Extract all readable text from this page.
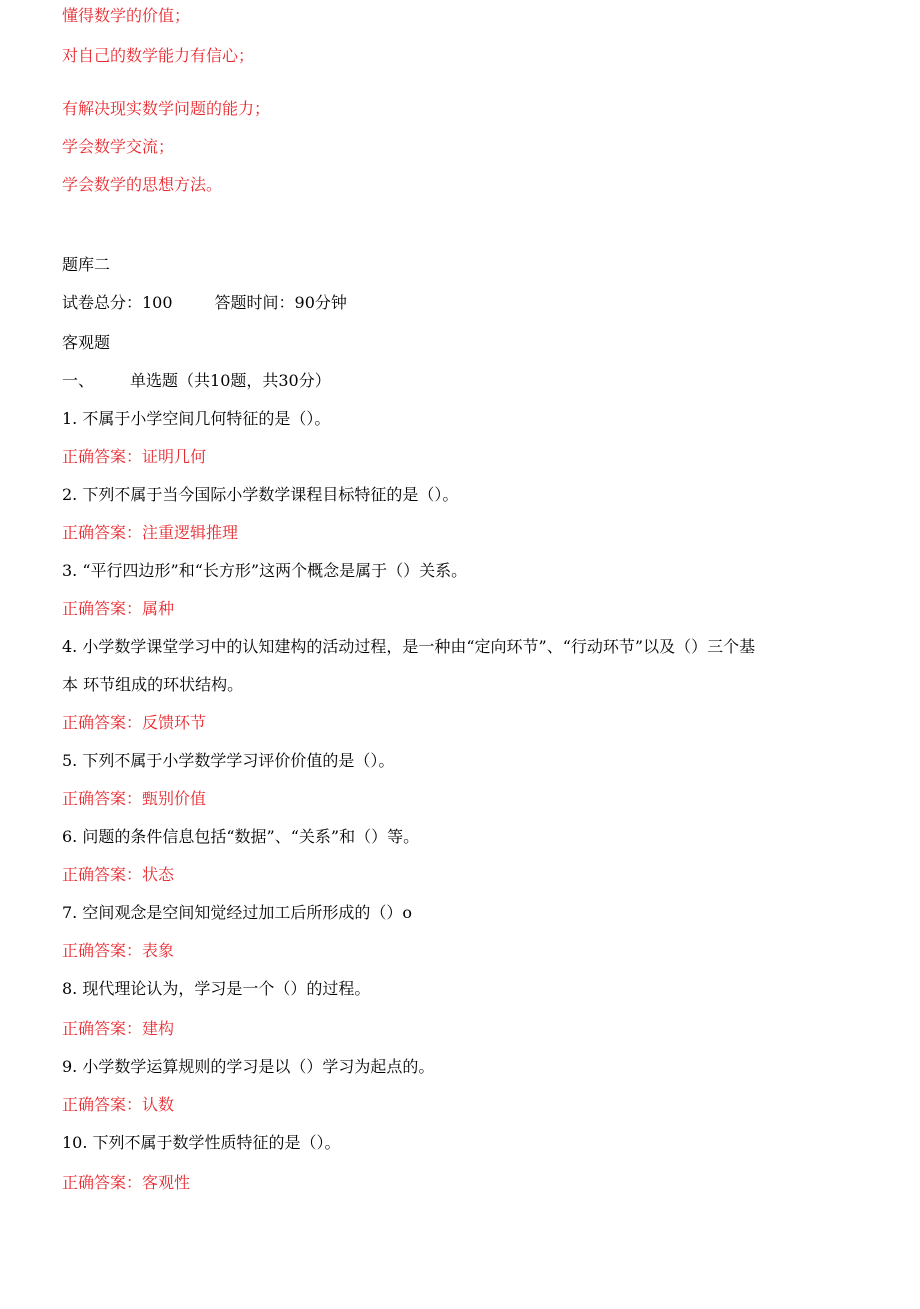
懂得数学的价值；
对自己的数学能力有信心；
有解决现实数学问题的能力；
学会数学交流；
学会数学的思想方法。
题库二
试卷总分：100	答题时间：90分钟
客观题
一、 单选题（共10题，共30分）
1. 不属于小学空间几何特征的是（）。
正确答案：证明几何
2. 下列不属于当今国际小学数学课程目标特征的是（）。
正确答案：注重逻辑推理
3. “平行四边形”和“长方形”这两个概念是属于（）关系。
正确答案：属种
4. 小学数学课堂学习中的认知建构的活动过程，是一种由“定向环节”、“行动环节”以及（）三个基
本 环节组成的环状结构。
正确答案：反馈环节
5. 下列不属于小学数学学习评价价值的是（）。
正确答案：甄别价值
6. 问题的条件信息包括“数据”、“关系”和（）等。
正确答案：状态
7. 空间观念是空间知觉经过加工后所形成的（）o
正确答案：表象
8. 现代理论认为，学习是一个（）的过程。
正确答案：建构
9. 小学数学运算规则的学习是以（）学习为起点的。
正确答案：认数
10. 下列不属于数学性质特征的是（）。
正确答案：客观性
